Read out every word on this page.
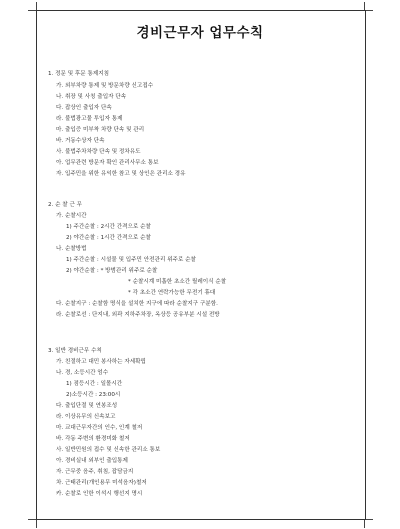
경비근무자 업무수칙
1. 정문 및 후문 통제지침
가. 외부차량 통제 및 방문차량 신고접수
나. 취장 및 사칭 출입자 단속
다. 잡상인 출입자 단속
라. 불법광고물 투입자 통제
마. 출입증 미부착 차량 단속 및 관리
바. 거동수상자 단속
사. 불법주차차량 단속 및 정차유도
아. 업무관련 방문자 확인 관리사무소 통보
자. 입주민을 위한 유익한 참고 및 상인은 관리소 경유
2. 순 찰 근 무
가. 순찰시간
1) 주간순찰 : 2시간 간격으로 순찰
2) 야간순찰 : 1시간 간격으로 순찰
나. 순찰방법
1) 주간순찰 : 시설물 및 입주민 안전관리 위주로 순찰
2) 야간순찰 : * 방범관리 위주로 순찰
* 순찰시계 미흡한 초소간 릴레이식 순찰
* 각 초소간 연락가능한 무전기 휴대
다. 순찰지구 : 순찰함 명식을 설치한 지구에 따라 순찰지구 구분함.
라. 순찰로선 : 단지내, 외곽 지하주차장, 옥상등 공유부분 시설 전방
3. 일반 경비근무 수칙
가. 친절하고 대민 봉사하는 자세확립
나. 경, 소등시간 엄수
1) 점등시간 : 일몰시간
2)소등시간 : 23:00시
다. 출입단절 및 연봉조성
라. 이상유무의 신속보고
마. 교대근무자간의 인수, 인계 철저
바. 각동 주변의 환경미화 철저
사. 일반민원의 접수 및 신속한 관리소 통보
아. 경비실내 외부인 출입통제
자. 근무중 음주, 취침, 잡담금지
차. 근태관리(개인용무 미석음자)철저
카. 순찰로 인한 이석시 행선지 명시
